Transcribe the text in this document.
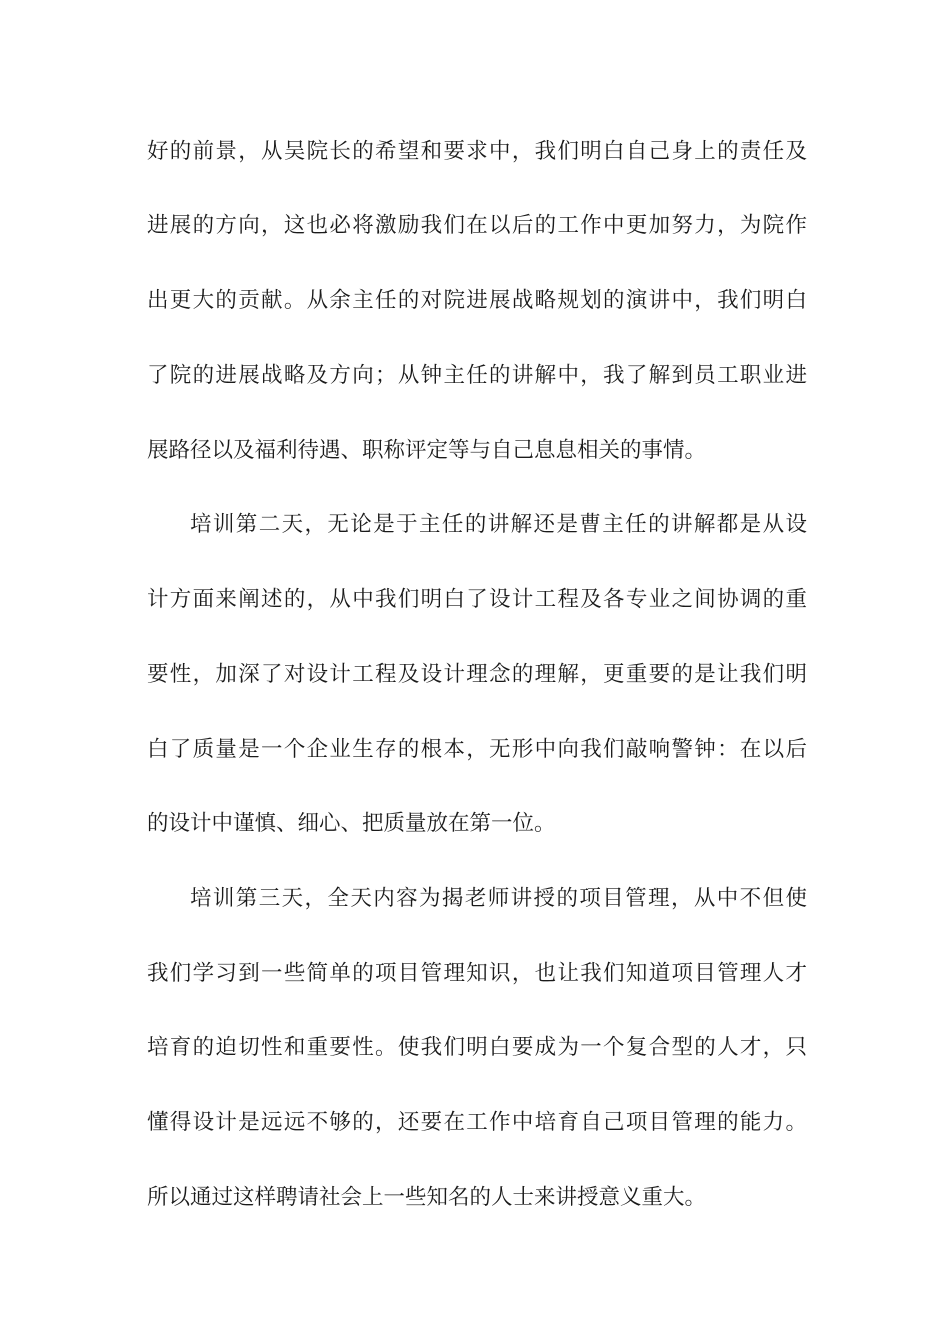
好的前景，从吴院长的希望和要求中，我们明白自己身上的责任及
进展的方向，这也必将激励我们在以后的工作中更加努力，为院作
出更大的贡献。从余主任的对院进展战略规划的演讲中，我们明白
了院的进展战略及方向；从钟主任的讲解中，我了解到员工职业进
展路径以及福利待遇、职称评定等与自己息息相关的事情。
培训第二天，无论是于主任的讲解还是曹主任的讲解都是从设
计方面来阐述的，从中我们明白了设计工程及各专业之间协调的重
要性，加深了对设计工程及设计理念的理解，更重要的是让我们明
白了质量是一个企业生存的根本，无形中向我们敲响警钟：在以后
的设计中谨慎、细心、把质量放在第一位。
培训第三天，全天内容为揭老师讲授的项目管理，从中不但使
我们学习到一些简单的项目管理知识，也让我们知道项目管理人才
培育的迫切性和重要性。使我们明白要成为一个复合型的人才，只
懂得设计是远远不够的，还要在工作中培育自己项目管理的能力。
所以通过这样聘请社会上一些知名的人士来讲授意义重大。
